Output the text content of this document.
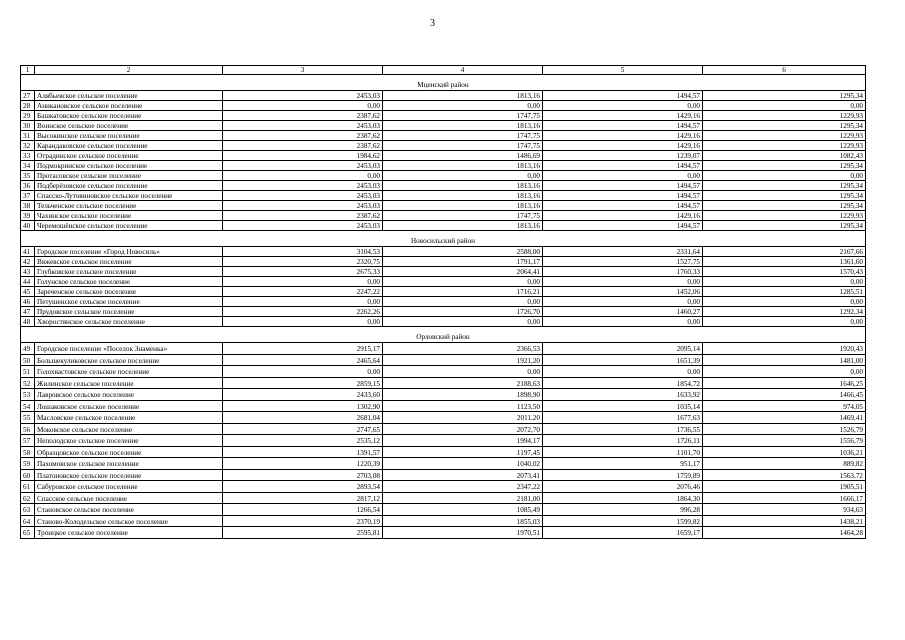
3
1	2	3	4	5	6
Мценский район					
27	Алябьевское сельское поселение	2453,03	1813,16	1494,57	1295,34
28	Аникановское сельское поселение	0,00	0,00	0,00	0,00
29	Башкатовское сельское поселение	2387,62	1747,75	1429,16	1229,93
30	Воинское сельское поселение	2453,03	1813,16	1494,57	1295,34
31	Высокинское сельское поселение	2387,62	1747,75	1429,16	1229,93
32	Карандаковское сельское поселение	2387,62	1747,75	1429,16	1229,93
33	Отрадинское сельское поселение	1984,62	1486,69	1239,07	1082,43
34	Подмокринское сельское поселение	2453,03	1813,16	1494,57	1295,34
35	Протасовское сельское поселение	0,00	0,00	0,00	0,00
36	Подберёзовское сельское поселение	2453,03	1813,16	1494,57	1295,34
37	Спасско-Лутовиновское сельское поселение	2453,03	1813,16	1494,57	1295,34
38	Тельченское сельское поселение	2453,03	1813,16	1494,57	1295,34
39	Чахинское сельское поселение	2387,62	1747,75	1429,16	1229,93
40	Черемошёнское сельское поселение	2453,03	1813,16	1494,57	1295,34
Новосильский район					
41	Городское поселение «Город Новосиль»	3104,53	2588,00	2331,64	2167,66
42	Вяжевское сельское поселение	2320,75	1791,17	1527,75	1361,60
43	Глубковское сельское поселение	2675,33	2064,41	1760,33	1570,43
44	Голунское сельское поселение	0,00	0,00	0,00	0,00
45	Зареченское сельское поселение	2247,22	1716,21	1452,06	1285,51
46	Петушенское сельское поселение	0,00	0,00	0,00	0,00
47	Прудовское сельское поселение	2262,26	1726,70	1460,27	1292,34
48	Хворостянское сельское поселение	0,00	0,00	0,00	0,00
Орловский район					
49	Городское поселение «Поселок Знаменка»	2915,17	2366,53	2095,14	1920,43
50	Большекуликовское сельское поселение	2465,64	1921,20	1651,39	1481,00
51	Голохвастовское сельское поселение	0,00	0,00	0,00	0,00
52	Жилинское сельское поселение	2859,15	2188,63	1854,72	1646,25
53	Лавровское сельское поселение	2433,60	1898,90	1633,92	1466,45
54	Лошаковское сельское поселение	1302,90	1123,50	1035,14	974,05
55	Масловское сельское поселение	2681,04	2011,20	1677,63	1469,41
56	Моковское сельское поселение	2747,65	2072,70	1736,55	1526,79
57	Неполодское сельское поселение	2535,12	1994,17	1726,11	1556,79
58	Образцовское сельское поселение	1391,57	1197,45	1101,70	1036,21
59	Пахомовское сельское поселение	1220,39	1040,02	951,17	889,82
60	Платоновское сельское поселение	2703,08	2073,41	1759,89	1563,72
61	Сабуровское сельское поселение	2893,54	2347,22	2076,46	1905,51
62	Спасское сельское поселение	2817,12	2181,00	1864,30	1666,17
63	Становское сельское поселение	1266,54	1085,49	996,28	934,63
64	Станово-Колодезьское сельское поселение	2370,19	1855,03	1599,82	1438,21
65	Троицкое сельское поселение	2595,81	1970,51	1659,17	1464,28
